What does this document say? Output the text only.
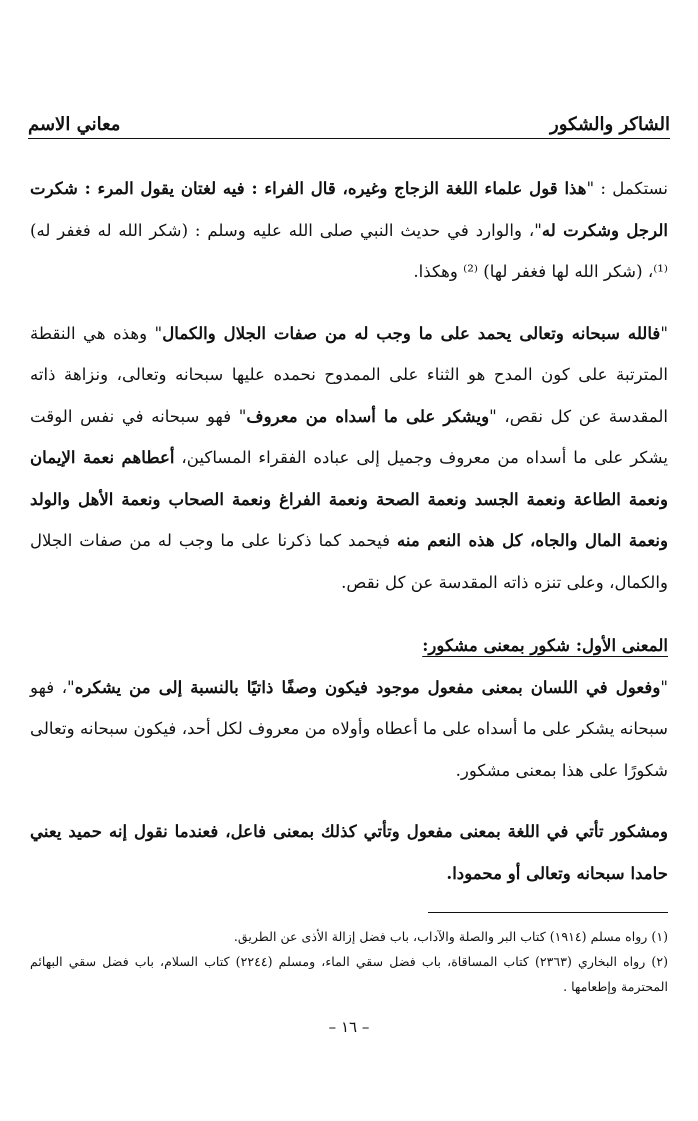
الشاكر والشكور
معاني الاسم

نستكمل : "هذا قول علماء اللغة الزجاج وغيره، قال الفراء : فيه لغتان يقول المرء : شكرت الرجل وشكرت له"، والوارد في حديث النبي صلى الله عليه وسلم : (شكر الله له فغفر له) ⁽¹⁾، (شكر الله لها فغفر لها) ⁽²⁾ وهكذا.

"فالله سبحانه وتعالى يحمد على ما وجب له من صفات الجلال والكمال" وهذه هي النقطة المترتبة على كون المدح هو الثناء على الممدوح نحمده عليها سبحانه وتعالى، ونزاهة ذاته المقدسة عن كل نقص، "ويشكر على ما أسداه من معروف" فهو سبحانه في نفس الوقت يشكر على ما أسداه من معروف وجميل إلى عباده الفقراء المساكين، أعطاهم نعمة الإيمان ونعمة الطاعة ونعمة الجسد ونعمة الصحة ونعمة الفراغ ونعمة الصحاب ونعمة الأهل والولد ونعمة المال والجاه، كل هذه النعم منه فيحمد كما ذكرنا على ما وجب له من صفات الجلال والكمال، وعلى تنزه ذاته المقدسة عن كل نقص.

المعنى الأول: شكور بمعنى مشكور:

"وفعول في اللسان بمعنى مفعول موجود فيكون وصفًا ذاتيًا بالنسبة إلى من يشكره"، فهو سبحانه يشكر على ما أسداه على ما أعطاه وأولاه من معروف لكل أحد، فيكون سبحانه وتعالى شكورًا على هذا بمعنى مشكور.

ومشكور تأتي في اللغة بمعنى مفعول وتأتي كذلك بمعنى فاعل، فعندما نقول إنه حميد يعني حامدا سبحانه وتعالى أو محمودا.

(١) رواه مسلم (١٩١٤) كتاب البر والصلة والآداب، باب فضل إزالة الأذى عن الطريق.

(٢) رواه البخاري (٢٣٦٣) كتاب المساقاة، باب فضل سقي الماء، ومسلم (٢٢٤٤) كتاب السلام، باب فضل سقي البهائم المحترمة وإطعامها .

– ١٦ –
